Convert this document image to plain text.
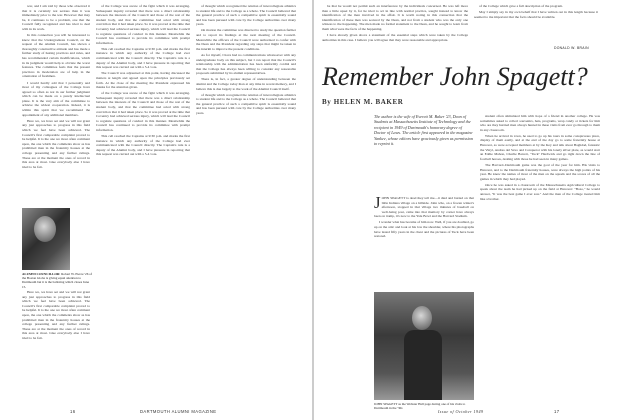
ALUMNI COUNCILLOR: Robert W. Pierce '26 of the Boston Globe is giving equal attention to Dartmouth but it is the balloting which closes June 15.

war, and I am told by those who observed it that it is certainly not serious than it was immediately prior to the war. However that may be, it continues to be a problem, one that the Council fully recognized and has tried to deal with in its work.

In this connection you will be interested to know that the Undergraduate Council, on the request of the Alumni Council, has shown a thoroughly constructive attitude and has made a further study of hazing practices and rules, and has recommended certain modifications, which in its judgment would help to obviate the worst features. The committee feels that the present practices in moderation are of help in the orientation of freshmen.

I would hardly add that I personally and most of my colleagues of the College have agreed so often as not in our further judgment which can be made on a purely intellectual plane. It is the very aim of the committee to achieve the widest cooperation. Indeed, it is within this spirit that we recommend the appointment of any additional members.

Here we, we have set and we will not grant any just approaches to progress in this field which we feel have been achieved. The Council's first comparable complaint proved to be helpful. It is the one we most often comment upon, the one which the comments show as has prohibited men in the fraternity houses at the college presenting and any further rulings. These are at the moment the ones of record in this area at most. Like everybody else I have tried to be fair.

Here we, we have set and we will not grant any just approaches to progress in this field which we feel have been achieved. The Council's first comparable complaint proved to be helpful. It is the one we most often comment upon, the one which the comments show as has prohibited men in the fraternity houses at the college presenting and any further rulings. These are at the moment the ones of record in this area at most. Like everybody else I have tried to be fair.

of the College was aware of the fight which it was arranging. Subsequent inquiry revealed that there was a direct relationship between the interests of the Council and those of the rest of the student body, and that the committee had acted with strong conviction that it had taken place. So it was proved at the time that Coventry had achieved serious injury, which will lead the Council to regulate questions of conduct in this manner. Meanwhile the Council has continued to provide its committee with prompt information.

This cell reached the Captains at 9:30 p.m. and marks the first instance in which any authority of the College had ever communicated with the Council directly. The Captain's rule is a deputy of the Alumni body, and I have pleasure in reporting that this request was carried out with a 5-4 vote.

The Council was adjourned at this point, having discussed the matters at length and agreed upon the principles previously set forth. At the close of the meeting the President expressed his thanks for the attention given.

of the College was aware of the fight which it was arranging. Subsequent inquiry revealed that there was a direct relationship between the interests of the Council and those of the rest of the student body, and that the committee had acted with strong conviction that it had taken place. So it was proved at the time that Coventry had achieved serious injury, which will lead the Council to regulate questions of conduct in this manner. Meanwhile the Council has continued to provide its committee with prompt information.

This cell reached the Captains at 9:30 p.m. and marks the first instance in which any authority of the College had ever communicated with the Council directly. The Captain's rule is a deputy of the Alumni body, and I have pleasure in reporting that this request was carried out with a 5-4 vote.

of thought which recognized the relation of intercollegiate athletics to student life and to the College as a whole. The Council believed that the general practice of such a competitive spirit is essentially sound and has been pursued with care by the College authorities over many years.

On motion the committee was directed to study the question further and to report its findings at the next meeting of the Council. Meanwhile the officers of the Council were authorized to confer with the Dean and the President regarding any steps that might be taken in the interim to improve the present conditions.

As for myself, I have had no communications whatsoever with any undergraduate body on this subject, but I can report that the Council's relationship with the administration has been uniformly cordial and that the College has always been willing to consider any reasonable proposals submitted by its alumni representatives.

There is, in fact, a greater degree of understanding between the alumni and the College today than at any time in recent memory, and I believe this is due largely to the work of the Alumni Council itself.

of thought which recognized the relation of intercollegiate athletics to student life and to the College as a whole. The Council believed that the general practice of such a competitive spirit is essentially sound and has been pursued with care by the College authorities over many years.

16	DARTMOUTH ALUMNI MAGAZINE

be that he would not permit such an interference by the individuals concerned. He was left more than a little upset by it, for he tried to act in line with normal practice, sought instead to know the identification of the men involved in the affair. It is worth noting in this connection that the identification of these men was secured by the Dean, and not from a student who was the only one witness to the happening. The men made no formal statement to the Dean, and he sought to learn from them what were the facts of the happening.

I have already given above a statement of the essential steps which were taken by the College authorities in this case. I believe you will agree that they were reasonable and appropriate.

of the College which gave a full description of the program.

May I simply say in my own behalf that I have written out in this length because it seemed to me important that the facts should be available.

DONALD W. BRAIN
Remember John Spagett?
By HELEN M. BAKER
The author is the wife of Everett M. Baker '23, Dean of Students at Massachusetts Institute of Technology and the recipient in 1949 of Dartmouth's honorary degree of Doctor of Laws. The article first appeared in the magazine Yankee, whose editors have graciously given us permission to reprint it.
J OHN SPAGETT is dead they tell me—it died and buried on that little Indiana village on a hillside. John who, on a frozen winter's afternoon, stopped in that village two minutes of baseball on well-being post, came into that memory by corner have always been on tramp, it's now to the Yale Bowl and the Harvard Stadium.

I wonder what has became of him now. Well, if you are doubled, go up on the attic and look at his low the shoulder, where his photographs have lasted fifty years in the chest and the pictures of Tuck have been restored.

JOHN SPAGETT as the Webster Hall page during one of his visits to Dartmouth in the '30s

student often stimulated him with hope of a friend in another college. He was sometimes asked to collect souvenirs, hats, programs, wrap candy or tickets for him who are they hurried men always hunted in these visits from ever go through to them in any classroom.

When he arrived in town, he used to go up his tours in some conspicuous place, display of them easily, and at the end of the day go to some fraternity house at Hanover, as were accepted members at by the Key and talk about Baghdad, fantastic the Vinyl, Andres del Savo and Conqueror with his lonely silver plate, as would start an Eddie Mahon, Charlie Barrett, "Tuck" Hardwick and go right down the line of football heroes, dealing with those he had seen in many games.

The Harvard–Dartmouth game was the goal of the year for him. His visits to Hanover, and to the Dartmouth fraternity houses, were always the high points of his year. He knew the names of most of the men on the squads and the scores of all the games in which they had played.

Once he was asked in a classroom of the Massachusetts Agricultural College to speak about the team he had picked up on the field at Hanover: "Bozo," he would answer, "It was the best game I ever saw." And the men of the College treated him like a brother.

Issue of October 1949	17
